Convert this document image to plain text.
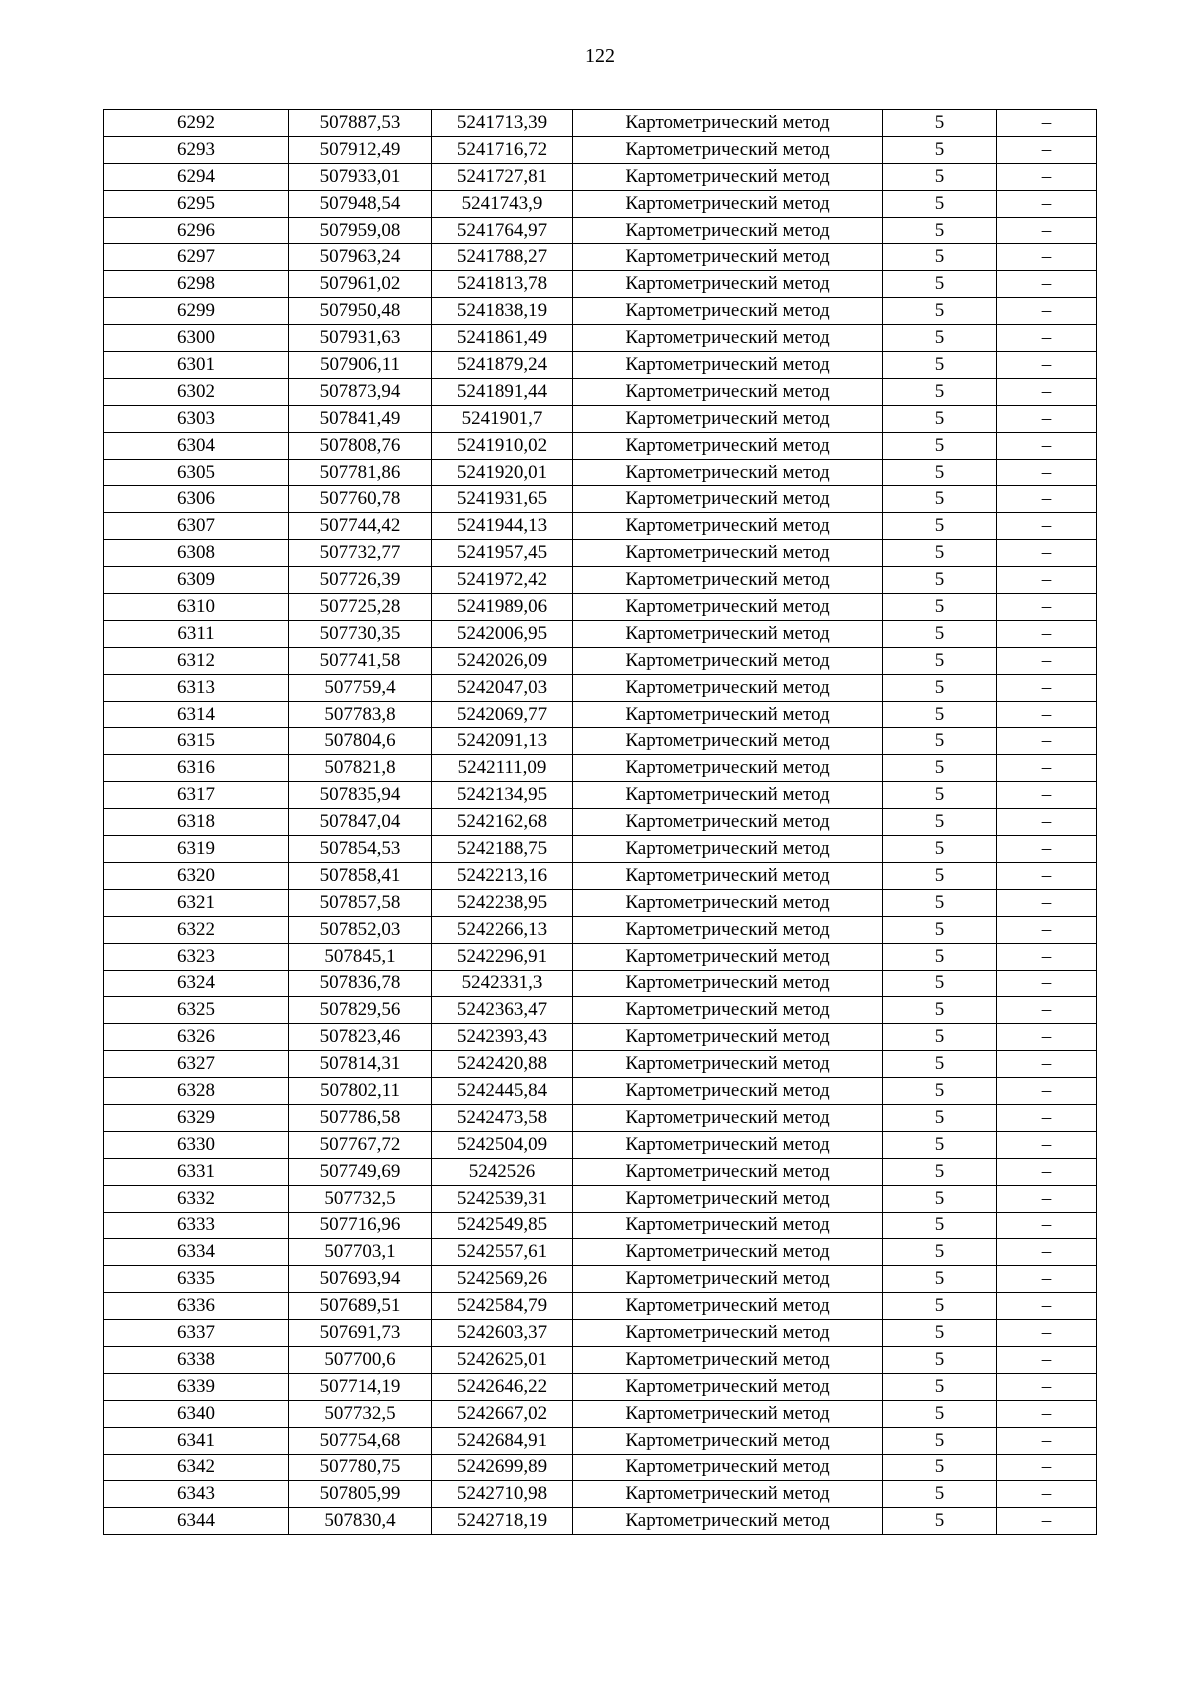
122
6292	507887,53	5241713,39	Картометрический метод	5	–
6293	507912,49	5241716,72	Картометрический метод	5	–
6294	507933,01	5241727,81	Картометрический метод	5	–
6295	507948,54	5241743,9	Картометрический метод	5	–
6296	507959,08	5241764,97	Картометрический метод	5	–
6297	507963,24	5241788,27	Картометрический метод	5	–
6298	507961,02	5241813,78	Картометрический метод	5	–
6299	507950,48	5241838,19	Картометрический метод	5	–
6300	507931,63	5241861,49	Картометрический метод	5	–
6301	507906,11	5241879,24	Картометрический метод	5	–
6302	507873,94	5241891,44	Картометрический метод	5	–
6303	507841,49	5241901,7	Картометрический метод	5	–
6304	507808,76	5241910,02	Картометрический метод	5	–
6305	507781,86	5241920,01	Картометрический метод	5	–
6306	507760,78	5241931,65	Картометрический метод	5	–
6307	507744,42	5241944,13	Картометрический метод	5	–
6308	507732,77	5241957,45	Картометрический метод	5	–
6309	507726,39	5241972,42	Картометрический метод	5	–
6310	507725,28	5241989,06	Картометрический метод	5	–
6311	507730,35	5242006,95	Картометрический метод	5	–
6312	507741,58	5242026,09	Картометрический метод	5	–
6313	507759,4	5242047,03	Картометрический метод	5	–
6314	507783,8	5242069,77	Картометрический метод	5	–
6315	507804,6	5242091,13	Картометрический метод	5	–
6316	507821,8	5242111,09	Картометрический метод	5	–
6317	507835,94	5242134,95	Картометрический метод	5	–
6318	507847,04	5242162,68	Картометрический метод	5	–
6319	507854,53	5242188,75	Картометрический метод	5	–
6320	507858,41	5242213,16	Картометрический метод	5	–
6321	507857,58	5242238,95	Картометрический метод	5	–
6322	507852,03	5242266,13	Картометрический метод	5	–
6323	507845,1	5242296,91	Картометрический метод	5	–
6324	507836,78	5242331,3	Картометрический метод	5	–
6325	507829,56	5242363,47	Картометрический метод	5	–
6326	507823,46	5242393,43	Картометрический метод	5	–
6327	507814,31	5242420,88	Картометрический метод	5	–
6328	507802,11	5242445,84	Картометрический метод	5	–
6329	507786,58	5242473,58	Картометрический метод	5	–
6330	507767,72	5242504,09	Картометрический метод	5	–
6331	507749,69	5242526	Картометрический метод	5	–
6332	507732,5	5242539,31	Картометрический метод	5	–
6333	507716,96	5242549,85	Картометрический метод	5	–
6334	507703,1	5242557,61	Картометрический метод	5	–
6335	507693,94	5242569,26	Картометрический метод	5	–
6336	507689,51	5242584,79	Картометрический метод	5	–
6337	507691,73	5242603,37	Картометрический метод	5	–
6338	507700,6	5242625,01	Картометрический метод	5	–
6339	507714,19	5242646,22	Картометрический метод	5	–
6340	507732,5	5242667,02	Картометрический метод	5	–
6341	507754,68	5242684,91	Картометрический метод	5	–
6342	507780,75	5242699,89	Картометрический метод	5	–
6343	507805,99	5242710,98	Картометрический метод	5	–
6344	507830,4	5242718,19	Картометрический метод	5	–
